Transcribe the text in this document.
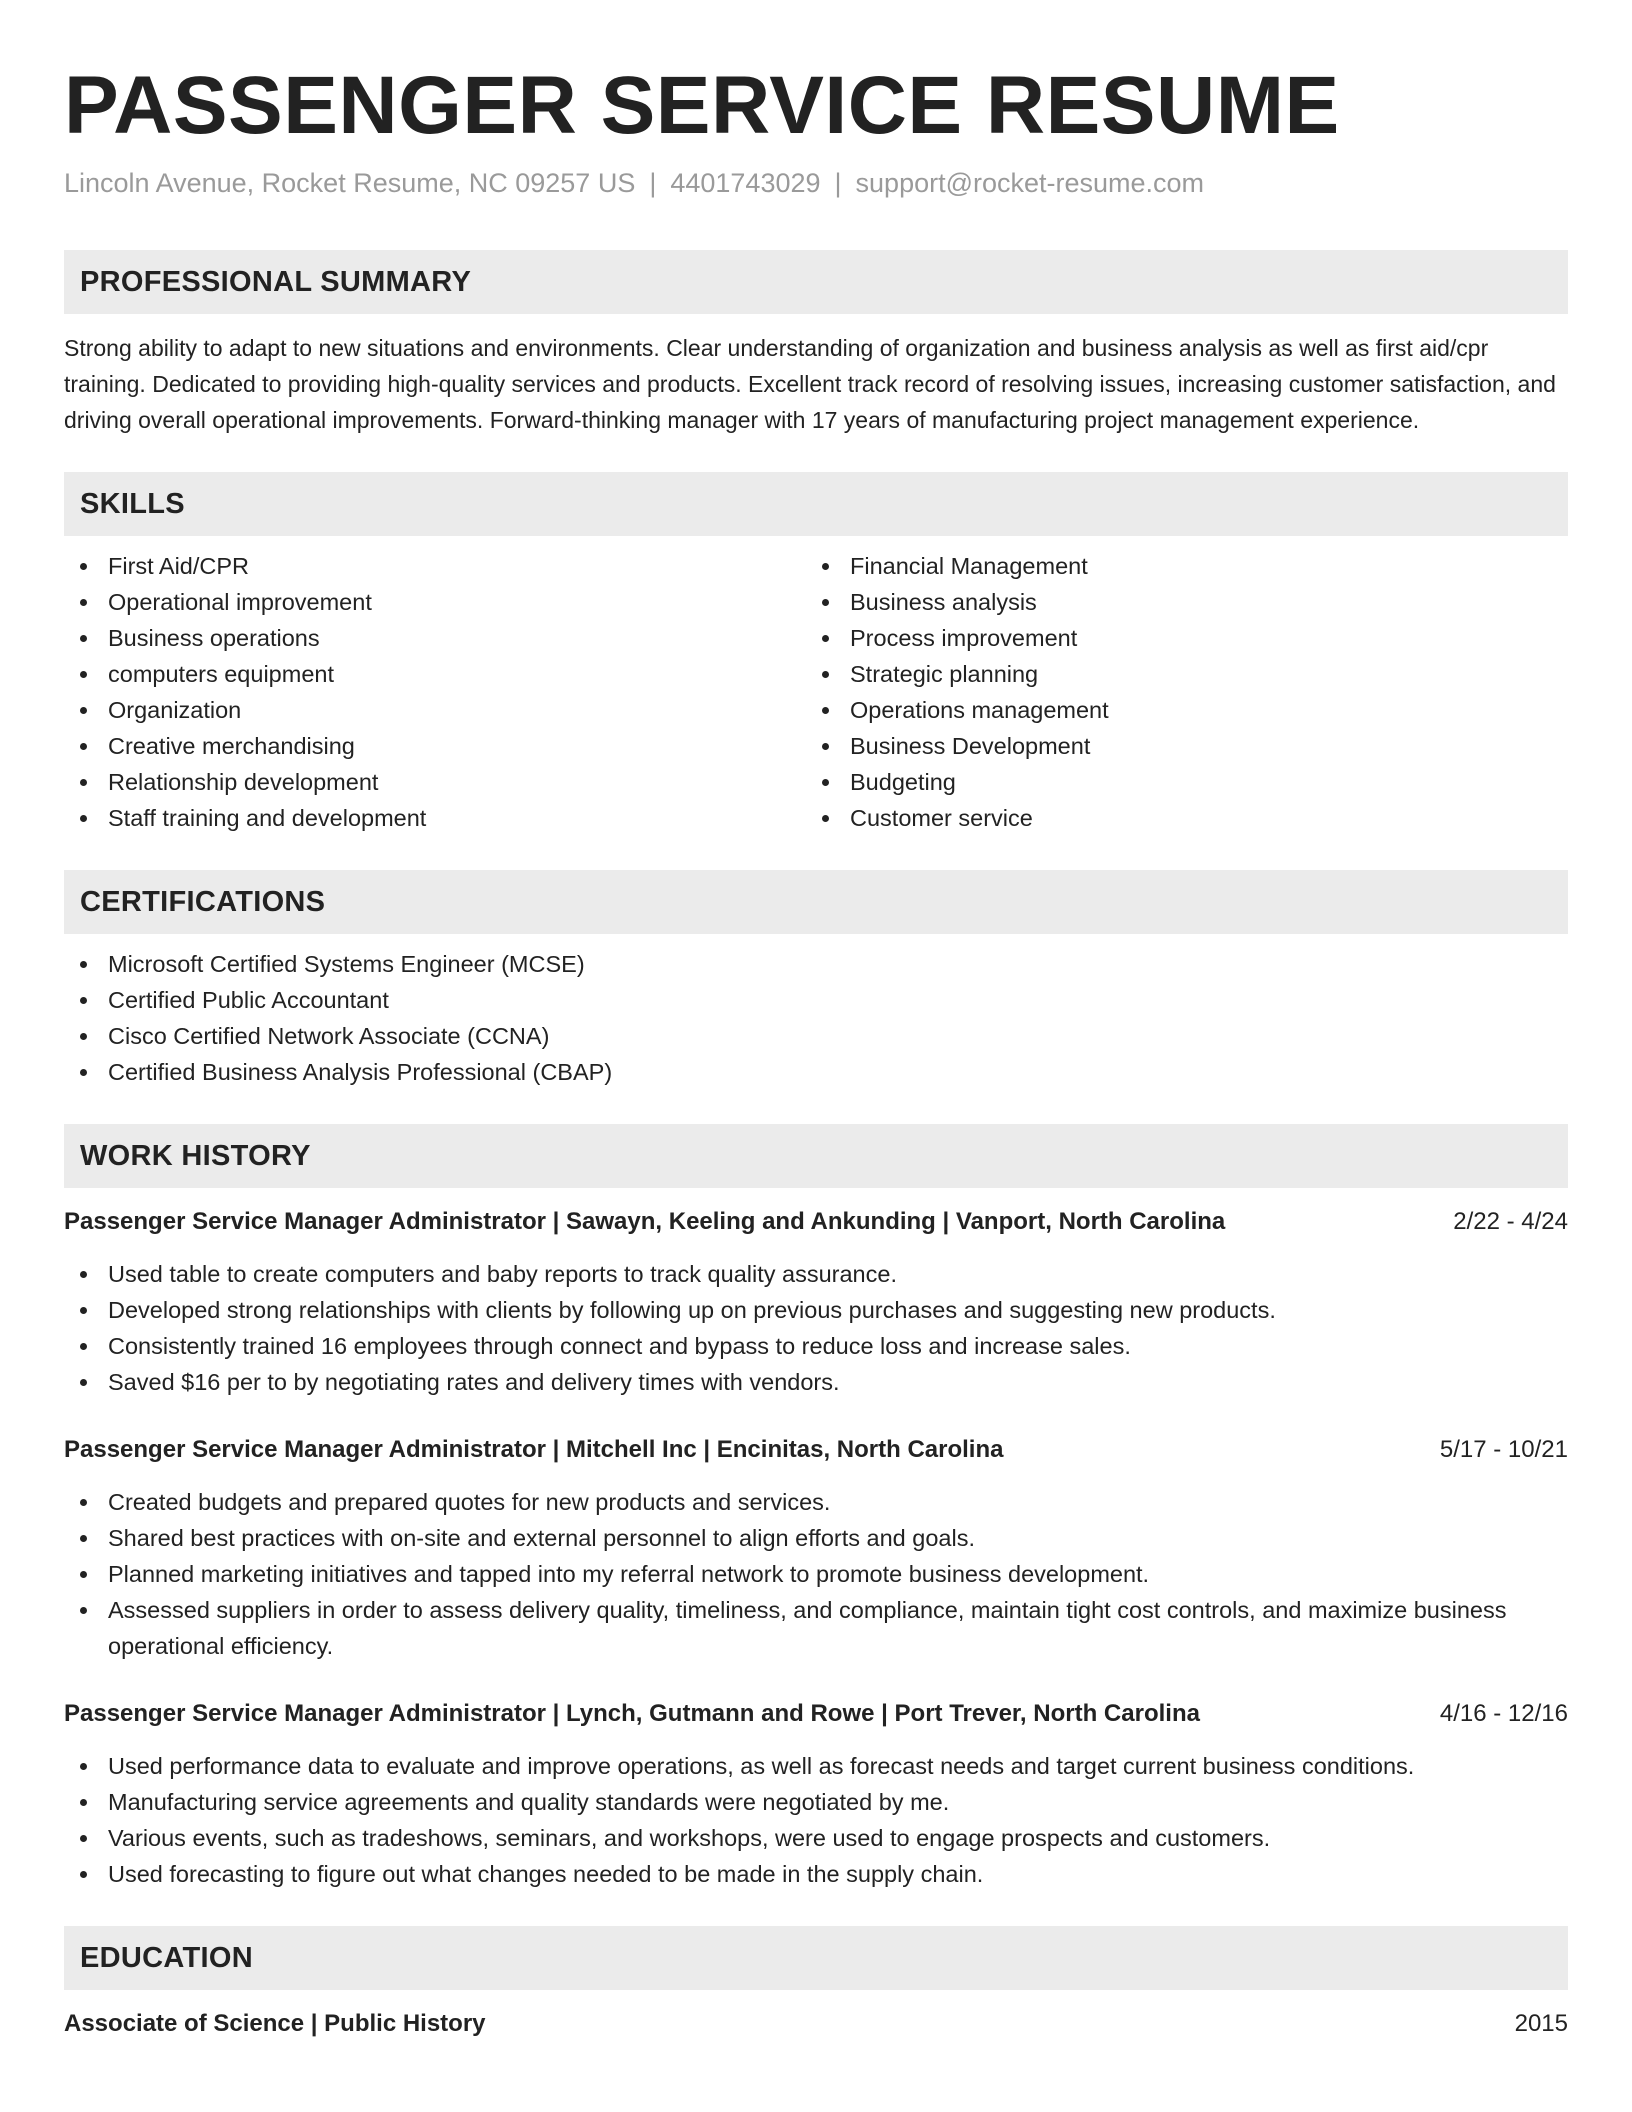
PASSENGER SERVICE RESUME
Lincoln Avenue, Rocket Resume, NC 09257 US | 4401743029 | support@rocket-resume.com
PROFESSIONAL SUMMARY

Strong ability to adapt to new situations and environments. Clear understanding of organization and business analysis as well as first aid/cpr training. Dedicated to providing high-quality services and products. Excellent track record of resolving issues, increasing customer satisfaction, and driving overall operational improvements. Forward-thinking manager with 17 years of manufacturing project management experience.

SKILLS
First Aid/CPR
Operational improvement
Business operations
computers equipment
Organization
Creative merchandising
Relationship development
Staff training and development
Financial Management
Business analysis
Process improvement
Strategic planning
Operations management
Business Development
Budgeting
Customer service
CERTIFICATIONS
Microsoft Certified Systems Engineer (MCSE)
Certified Public Accountant
Cisco Certified Network Associate (CCNA)
Certified Business Analysis Professional (CBAP)
WORK HISTORY
Passenger Service Manager Administrator | Sawayn, Keeling and Ankunding | Vanport, North Carolina	2/22 - 4/24
Used table to create computers and baby reports to track quality assurance.
Developed strong relationships with clients by following up on previous purchases and suggesting new products.
Consistently trained 16 employees through connect and bypass to reduce loss and increase sales.
Saved $16 per to by negotiating rates and delivery times with vendors.
Passenger Service Manager Administrator | Mitchell Inc | Encinitas, North Carolina	5/17 - 10/21
Created budgets and prepared quotes for new products and services.
Shared best practices with on-site and external personnel to align efforts and goals.
Planned marketing initiatives and tapped into my referral network to promote business development.
Assessed suppliers in order to assess delivery quality, timeliness, and compliance, maintain tight cost controls, and maximize business operational efficiency.
Passenger Service Manager Administrator | Lynch, Gutmann and Rowe | Port Trever, North Carolina	4/16 - 12/16
Used performance data to evaluate and improve operations, as well as forecast needs and target current business conditions.
Manufacturing service agreements and quality standards were negotiated by me.
Various events, such as tradeshows, seminars, and workshops, were used to engage prospects and customers.
Used forecasting to figure out what changes needed to be made in the supply chain.
EDUCATION
Associate of Science | Public History	2015
